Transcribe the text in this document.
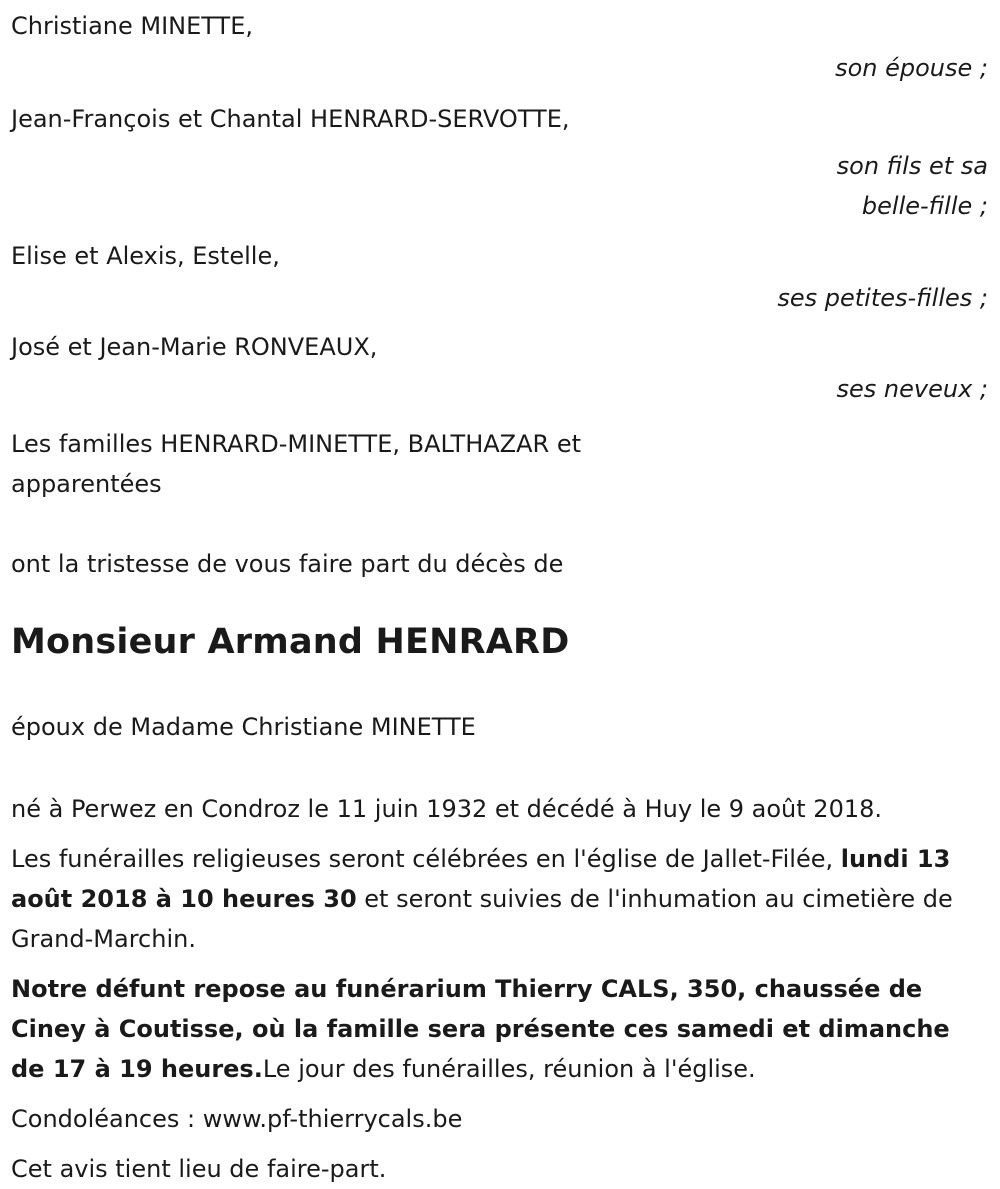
Christiane MINETTE,

son épouse ;

Jean-François et Chantal HENRARD-SERVOTTE,

son fils et sa belle-fille ;

Elise et Alexis, Estelle,

ses petites-filles ;

José et Jean-Marie RONVEAUX,

ses neveux ;

Les familles HENRARD-MINETTE, BALTHAZAR et apparentées

ont la tristesse de vous faire part du décès de

Monsieur Armand HENRARD

époux de Madame Christiane MINETTE

né à Perwez en Condroz le 11 juin 1932 et décédé à Huy le 9 août 2018.

Les funérailles religieuses seront célébrées en l'église de Jallet-Filée, lundi 13 août 2018 à 10 heures 30 et seront suivies de l'inhumation au cimetière de Grand-Marchin.

Notre défunt repose au funérarium Thierry CALS, 350, chaussée de Ciney à Coutisse, où la famille sera présente ces samedi et dimanche de 17 à 19 heures.Le jour des funérailles, réunion à l'église.

Condoléances : www.pf-thierrycals.be

Cet avis tient lieu de faire-part.
